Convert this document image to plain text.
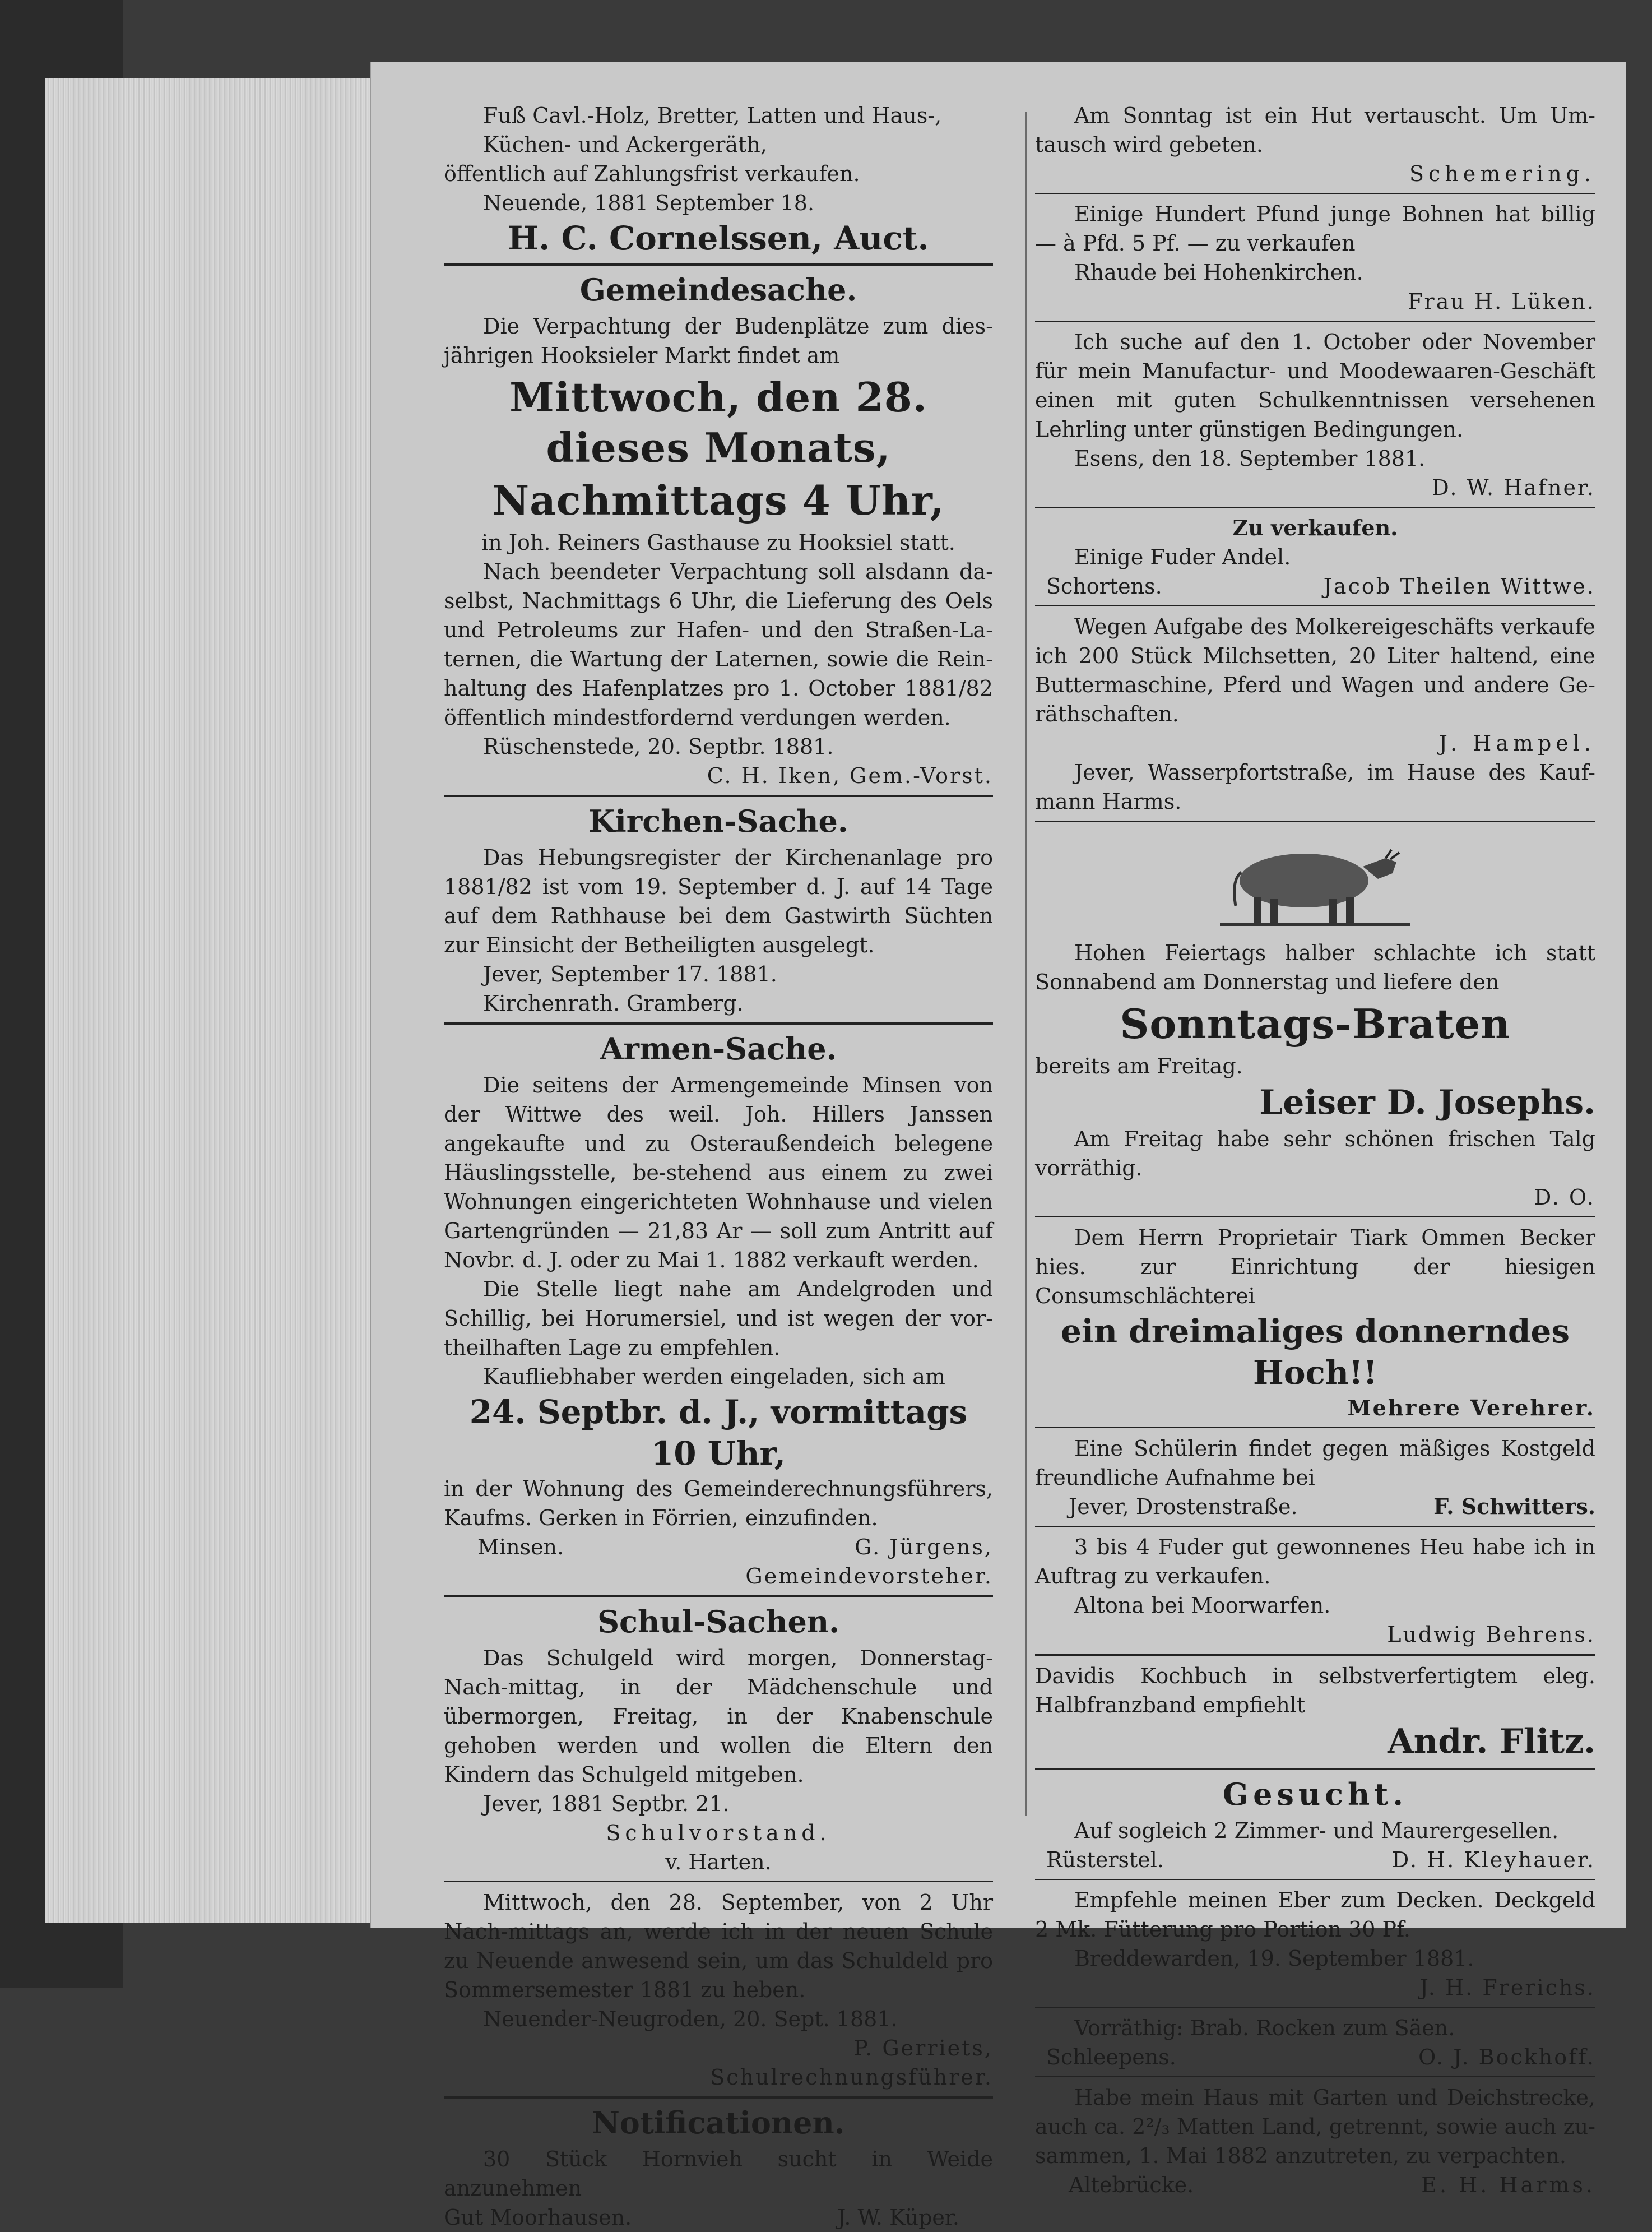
Fuß Cavl.-Holz, Bretter, Latten und Haus-,

Küchen- und Ackergeräth,

öffentlich auf Zahlungsfrist verkaufen.

Neuende, 1881 September 18.

H. C. Cornelssen, Auct.

Gemeindesache.

Die Verpachtung der Budenplätze zum dies-jährigen Hooksieler Markt findet am

Mittwoch, den 28. dieses Monats,

Nachmittags 4 Uhr,

in Joh. Reiners Gasthause zu Hooksiel statt.

Nach beendeter Verpachtung soll alsdann da-selbst, Nachmittags 6 Uhr, die Lieferung des Oels und Petroleums zur Hafen- und den Straßen-La-ternen, die Wartung der Laternen, sowie die Rein-haltung des Hafenplatzes pro 1. October 1881/82 öffentlich mindestfordernd verdungen werden.

Rüschenstede, 20. Septbr. 1881.

C. H. Iken, Gem.-Vorst.

Kirchen-Sache.

Das Hebungsregister der Kirchenanlage pro 1881/82 ist vom 19. September d. J. auf 14 Tage auf dem Rathhause bei dem Gastwirth Süchten zur Einsicht der Betheiligten ausgelegt.

Jever, September 17. 1881.

Kirchenrath. Gramberg.

Armen-Sache.

Die seitens der Armengemeinde Minsen von der Wittwe des weil. Joh. Hillers Janssen angekaufte und zu Osteraußendeich belegene Häuslingsstelle, be-stehend aus einem zu zwei Wohnungen eingerichteten Wohnhause und vielen Gartengründen — 21,83 Ar — soll zum Antritt auf Novbr. d. J. oder zu Mai 1. 1882 verkauft werden.

Die Stelle liegt nahe am Andelgroden und Schillig, bei Horumersiel, und ist wegen der vor-theilhaften Lage zu empfehlen.

Kaufliebhaber werden eingeladen, sich am

24. Septbr. d. J., vormittags 10 Uhr,

in der Wohnung des Gemeinderechnungsführers, Kaufms. Gerken in Förrien, einzufinden.

Minsen.	G. Jürgens,

Gemeindevorsteher.

Schul-Sachen.

Das Schulgeld wird morgen, Donnerstag-Nach-mittag, in der Mädchenschule und übermorgen, Freitag, in der Knabenschule gehoben werden und wollen die Eltern den Kindern das Schulgeld mitgeben.

Jever, 1881 Septbr. 21.

Schulvorstand.

v. Harten.

Mittwoch, den 28. September, von 2 Uhr Nach-mittags an, werde ich in der neuen Schule zu Neuende anwesend sein, um das Schuldeld pro Sommersemester 1881 zu heben.

Neuender-Neugroden, 20. Sept. 1881.

P. Gerriets,

Schulrechnungsführer.

Notificationen.

30 Stück Hornvieh sucht in Weide anzunehmen

Gut Moorhausen.	J. W. Küper.

Am Sonntag ist ein Hut vertauscht. Um Um-tausch wird gebeten.

Schemering.

Einige Hundert Pfund junge Bohnen hat billig — à Pfd. 5 Pf. — zu verkaufen

Rhaude bei Hohenkirchen.

Frau H. Lüken.

Ich suche auf den 1. October oder November für mein Manufactur- und Moodewaaren-Geschäft einen mit guten Schulkenntnissen versehenen Lehrling unter günstigen Bedingungen.

Esens, den 18. September 1881.

D. W. Hafner.

Zu verkaufen.

Einige Fuder Andel.

Schortens.	Jacob Theilen Wittwe.

Wegen Aufgabe des Molkereigeschäfts verkaufe ich 200 Stück Milchsetten, 20 Liter haltend, eine Buttermaschine, Pferd und Wagen und andere Ge-räthschaften.

J. Hampel.

Jever, Wasserpfortstraße, im Hause des Kauf-mann Harms.

Hohen Feiertags halber schlachte ich statt Sonnabend am Donnerstag und liefere den

Sonntags-Braten

bereits am Freitag.

Leiser D. Josephs.

Am Freitag habe sehr schönen frischen Talg vorräthig.

D. O.

Dem Herrn Proprietair Tiark Ommen Becker hies. zur Einrichtung der hiesigen Consumschlächterei

ein dreimaliges donnerndes Hoch!!

Mehrere Verehrer.

Eine Schülerin findet gegen mäßiges Kostgeld freundliche Aufnahme bei

Jever, Drostenstraße.	F. Schwitters.

3 bis 4 Fuder gut gewonnenes Heu habe ich in Auftrag zu verkaufen.

Altona bei Moorwarfen.

Ludwig Behrens.

Davidis Kochbuch in selbstverfertigtem eleg. Halbfranzband empfiehlt

Andr. Flitz.

Gesucht.

Auf sogleich 2 Zimmer- und Maurergesellen.

Rüsterstel.	D. H. Kleyhauer.

Empfehle meinen Eber zum Decken. Deckgeld 2 Mk. Fütterung pro Portion 30 Pf.

Breddewarden, 19. September 1881.

J. H. Frerichs.

Vorräthig: Brab. Rocken zum Säen.

Schleepens.	O. J. Bockhoff.

Habe mein Haus mit Garten und Deichstrecke, auch ca. 2²/₃ Matten Land, getrennt, sowie auch zu-sammen, 1. Mai 1882 anzutreten, zu verpachten.

Altebrücke.	E. H. Harms.
